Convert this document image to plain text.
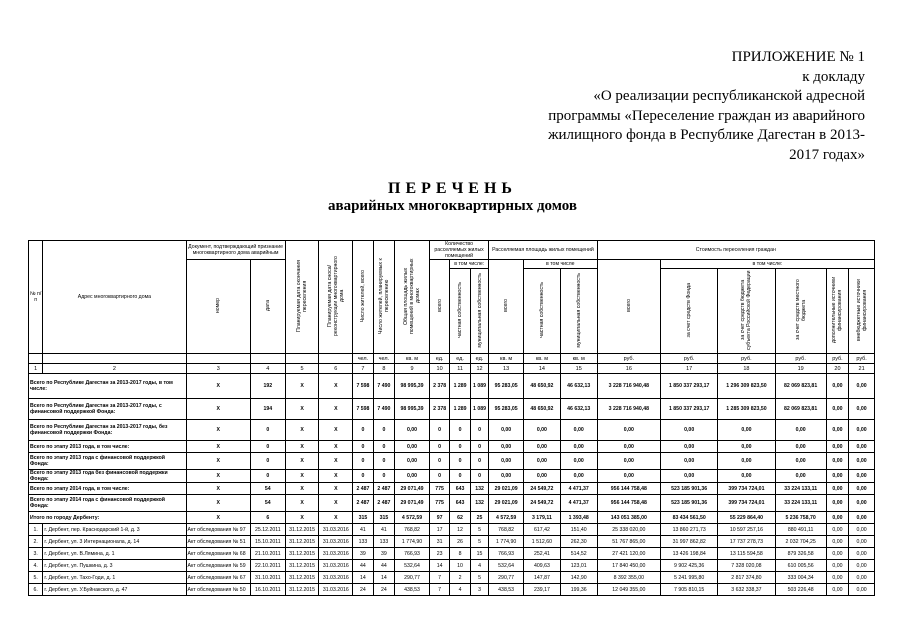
ПРИЛОЖЕНИЕ № 1
к докладу
«О реализации республиканской адресной
программы «Переселение граждан из аварийного
жилищного фонда в Республике Дагестан в 2013-
2017 годах»
ПЕРЕЧЕНЬ
аварийных многоквартирных домов
№ п/п	Адрес многоквартирного дома	Документ, подтверждающий признание многоквартирного дома аварийным		Планируемая дата окончания переселения	Планируемая дата сноса/ реконструкции многоквартирного дома	Число жителей, всего	Число жителей, планируемых к переселению	Общая площадь жилых помещений в многоквартирных домах	Количество расселяемых жилых помещений			Расселяемая площадь жилых помещений			Стоимость переселения граждан					
		номер	дата						всего	в том числе:		всего	в том числе		всего	в том числе:				
										частная собственность	муниципальная собственность		частная собственность	муниципальная собственность		за счет средств Фонда	за счет средств бюджета субъекта Российской Федерации	за счет средств местного бюджета	дополнительные источники финансирования	внебюджетные источники финансирования
						чел.	чел.	кв. м	ед.	ед.	ед.	кв. м	кв. м	кв. м	руб.	руб.	руб.	руб.	руб.	руб.
1	2	3	4	5	6	7	8	9	10	11	12	13	14	15	16	17	18	19	20	21
Всего по Республике Дагестан за 2013-2017 годы, в том числе:		X	192	X	X	7 598	7 490	98 995,39	2 378	1 289	1 089	95 283,05	48 650,92	46 632,13	3 228 716 940,48	1 850 337 293,17	1 296 309 823,50	82 069 823,81	0,00	0,00
Всего по Республике Дагестан за 2013-2017 годы, с финансовой поддержкой Фонда:		X	194	X	X	7 598	7 490	98 995,39	2 378	1 289	1 089	95 283,05	48 650,92	46 632,13	3 228 716 940,48	1 850 337 293,17	1 285 309 823,50	82 069 823,81	0,00	0,00
Всего по Республике Дагестан за 2013-2017 годы, без финансовой поддержки Фонда:		X	0	X	X	0	0	0,00	0	0	0	0,00	0,00	0,00	0,00	0,00	0,00	0,00	0,00	0,00
Всего по этапу 2013 года, в том числе:		X	0	X	X	0	0	0,00	0	0	0	0,00	0,00	0,00	0,00	0,00	0,00	0,00	0,00	0,00
Всего по этапу 2013 года с финансовой поддержкой Фонда:		X	0	X	X	0	0	0,00	0	0	0	0,00	0,00	0,00	0,00	0,00	0,00	0,00	0,00	0,00
Всего по этапу 2013 года без финансовой поддержки Фонда:		X	0	X	X	0	0	0,00	0	0	0	0,00	0,00	0,00	0,00	0,00	0,00	0,00	0,00	0,00
Всего по этапу 2014 года, в том числе:		X	54	X	X	2 487	2 487	29 071,49	775	643	132	29 021,09	24 549,72	4 471,37	956 144 758,48	523 185 901,36	399 734 724,01	33 224 133,11	0,00	0,00
Всего по этапу 2014 года с финансовой поддержкой Фонда:		X	54	X	X	2 487	2 487	29 071,49	775	643	132	29 021,09	24 549,72	4 471,37	956 144 758,48	523 185 901,36	399 734 724,01	33 224 133,11	0,00	0,00
Итого по городу Дербенту:		X	6	X	X	315	315	4 572,59	97	62	25	4 572,59	3 179,11	1 393,48	143 051 385,00	83 434 561,50	55 229 864,40	5 236 758,70	0,00	0,00
1.	г. Дербент, пер. Краснодарский 1-й, д. 3	Акт обследования № 97	25.12.2011	31.12.2015	31.03.2016	41	41	768,82	17	12	5	768,82	617,42	151,40	25 338 020,00	13 860 271,73	10 597 257,16	880 491,11	0,00	0,00
2.	г. Дербент, ул. 3 Интернационала, д. 14	Акт обследования № 51	15.10.2011	31.12.2015	31.03.2016	133	133	1 774,90	31	26	5	1 774,90	1 512,60	262,30	51 767 865,00	31 997 862,82	17 737 278,73	2 032 704,25	0,00	0,00
3.	г. Дербент, ул. В.Лямина, д. 1	Акт обследования № 68	21.10.2011	31.12.2015	31.03.2016	39	39	766,93	23	8	15	766,93	252,41	514,52	27 421 120,00	13 426 198,84	13 115 594,58	879 326,58	0,00	0,00
4.	г. Дербент, ул. Пушкина, д. 3	Акт обследования № 59	22.10.2011	31.12.2015	31.03.2016	44	44	532,64	14	10	4	532,64	409,63	123,01	17 840 450,00	9 902 425,36	7 328 020,08	610 005,56	0,00	0,00
5.	г. Дербент, ул. Тахо-Годи, д. 1	Акт обследования № 67	31.10.2011	31.12.2015	31.03.2016	14	14	290,77	7	2	5	290,77	147,87	142,90	8 392 355,00	5 241 995,80	2 817 374,80	333 004,34	0,00	0,00
6.	г. Дербент, ул. У.Буйнакского, д. 47	Акт обследования № 50	16.10.2011	31.12.2015	31.03.2016	24	24	438,53	7	4	3	438,53	239,17	199,36	12 049 355,00	7 905 810,15	3 632 338,37	503 226,48	0,00	0,00
